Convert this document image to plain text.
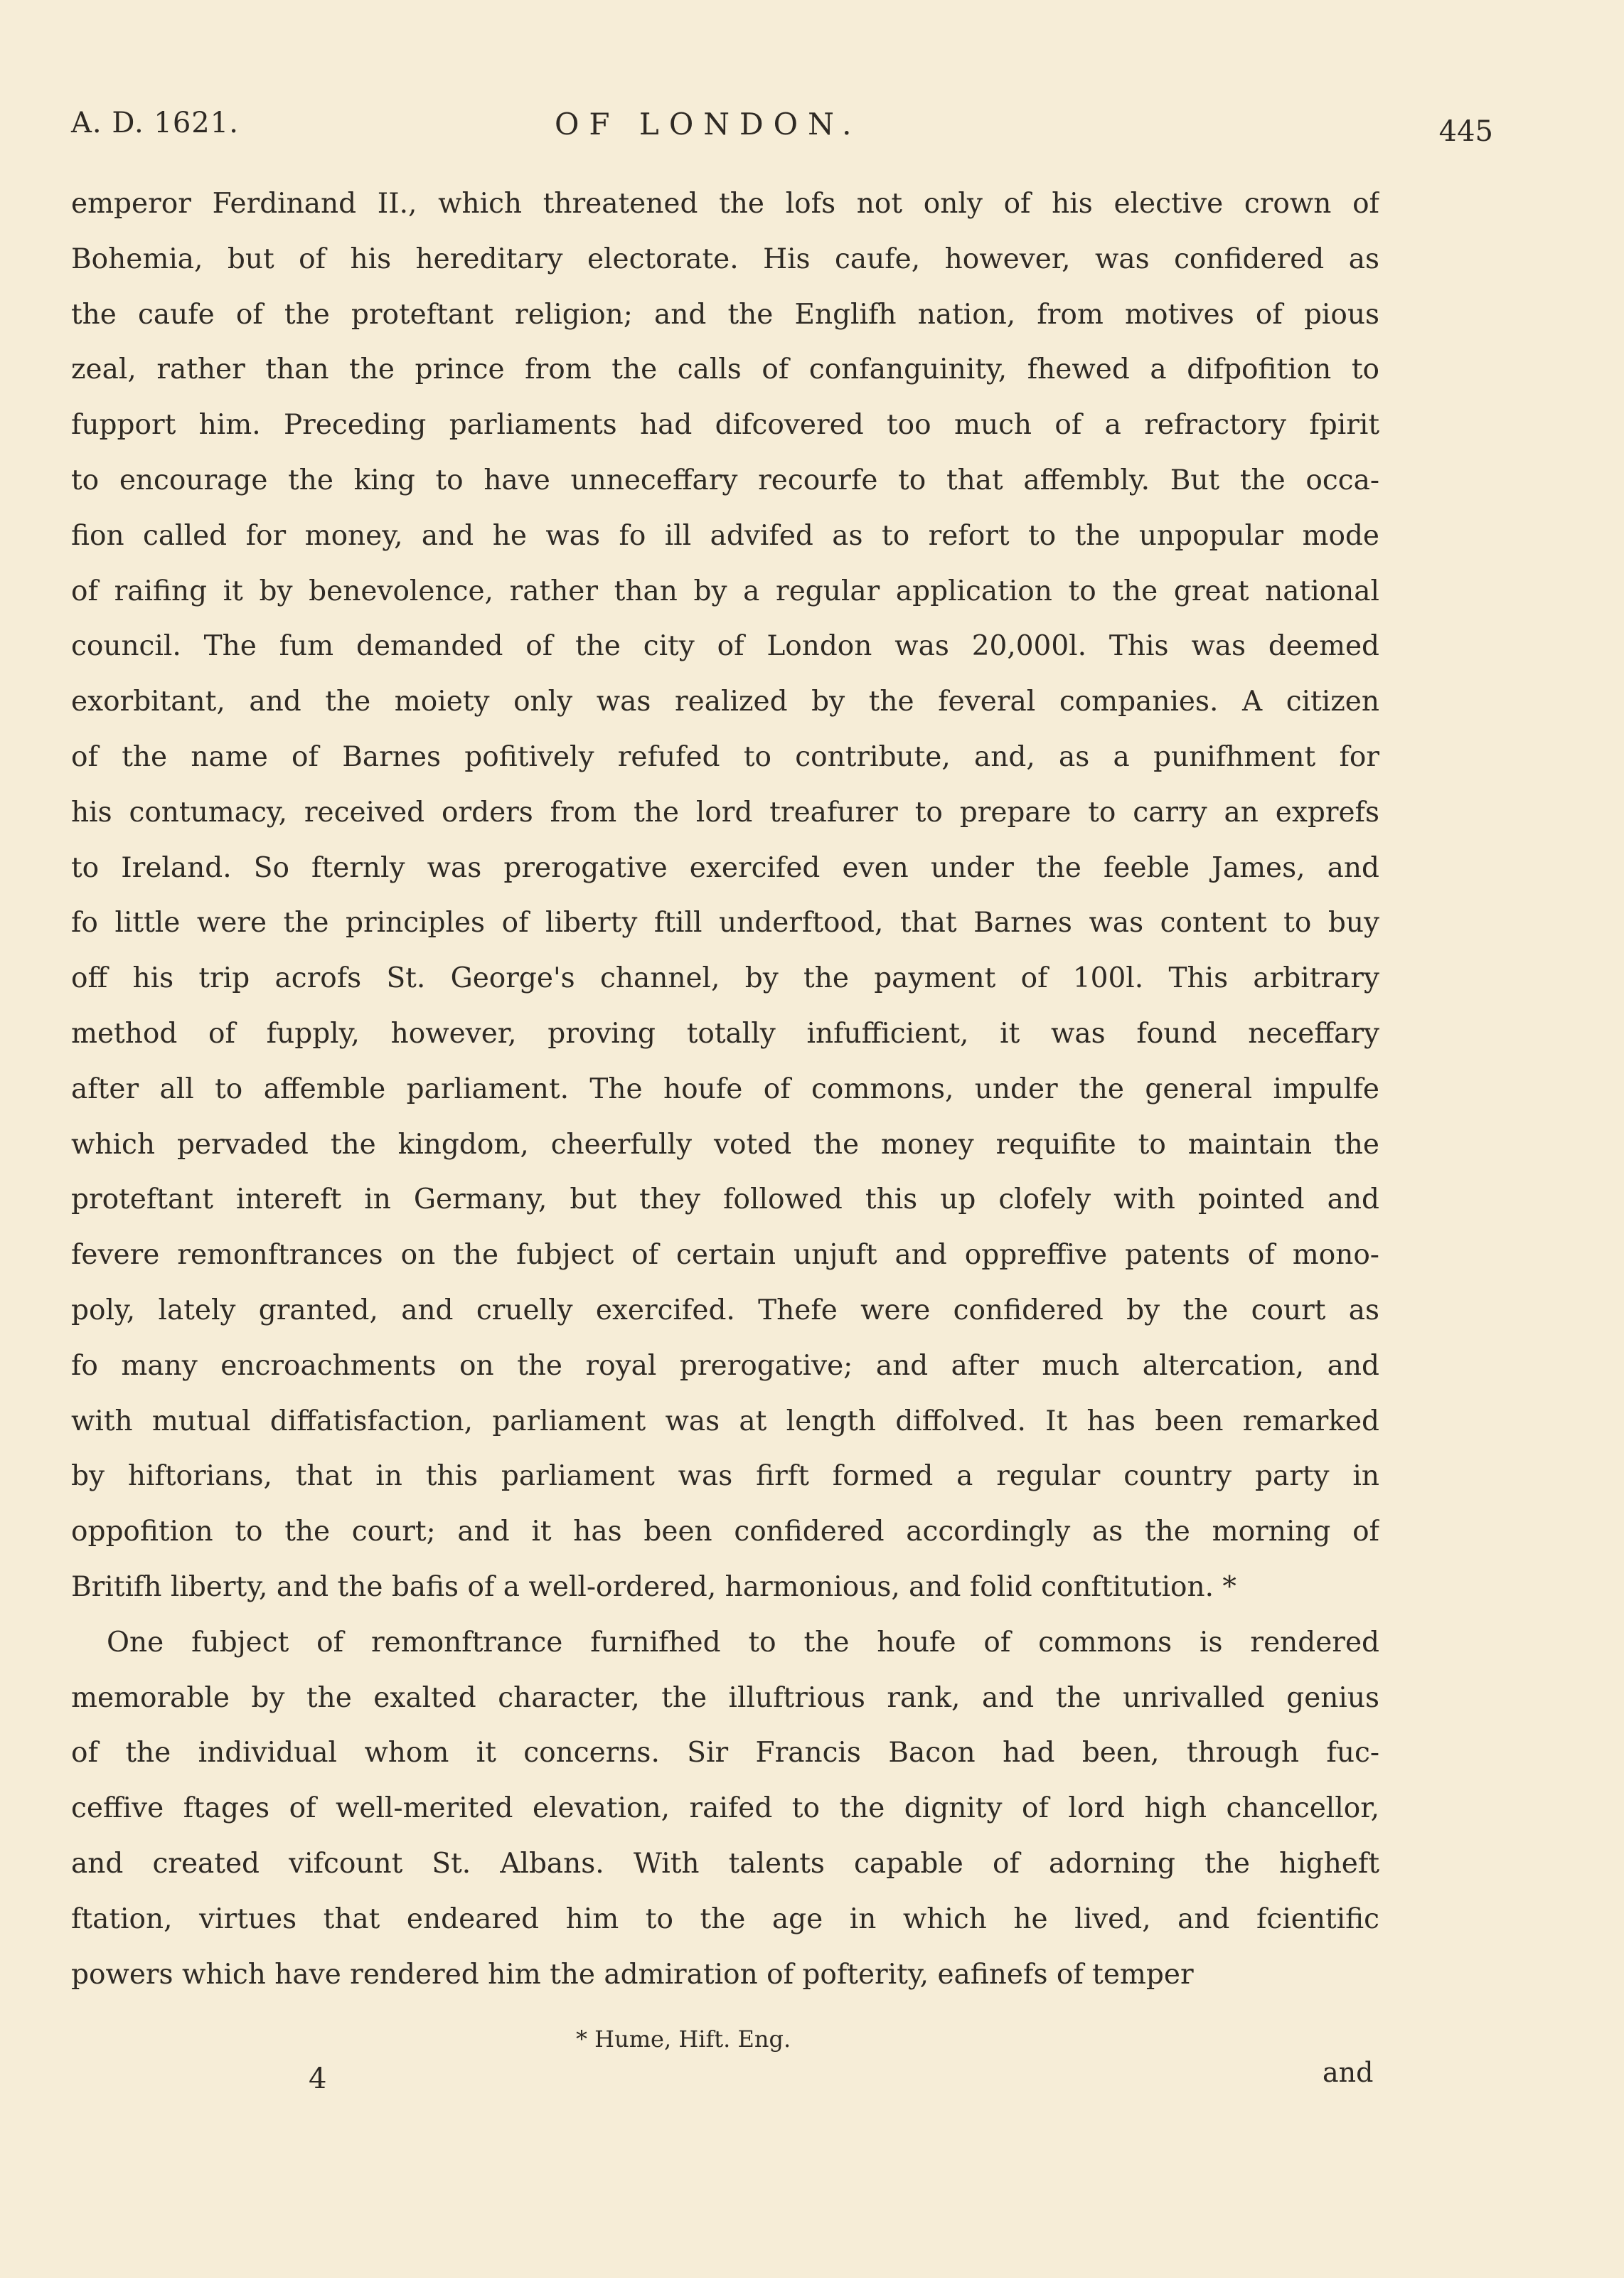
A. D. 1621.	OF LONDON.	445
emperor Ferdinand II., which threatened the lofs not only of his elective crown of
Bohemia, but of his hereditary electorate. His caufe, however, was confidered as
the caufe of the proteftant religion; and the Englifh nation, from motives of pious
zeal, rather than the prince from the calls of confanguinity, fhewed a difpofition to
fupport him. Preceding parliaments had difcovered too much of a refractory fpirit
to encourage the king to have unneceffary recourfe to that affembly. But the occa-
fion called for money, and he was fo ill advifed as to refort to the unpopular mode
of raifing it by benevolence, rather than by a regular application to the great national
council. The fum demanded of the city of London was 20,000l. This was deemed
exorbitant, and the moiety only was realized by the feveral companies. A citizen
of the name of Barnes pofitively refufed to contribute, and, as a punifhment for
his contumacy, received orders from the lord treafurer to prepare to carry an exprefs
to Ireland. So fternly was prerogative exercifed even under the feeble James, and
fo little were the principles of liberty ftill underftood, that Barnes was content to buy
off his trip acrofs St. George's channel, by the payment of 100l. This arbitrary
method of fupply, however, proving totally infufficient, it was found neceffary
after all to affemble parliament. The houfe of commons, under the general impulfe
which pervaded the kingdom, cheerfully voted the money requifite to maintain the
proteftant intereft in Germany, but they followed this up clofely with pointed and
fevere remonftrances on the fubject of certain unjuft and oppreffive patents of mono-
poly, lately granted, and cruelly exercifed. Thefe were confidered by the court as
fo many encroachments on the royal prerogative; and after much altercation, and
with mutual diffatisfaction, parliament was at length diffolved. It has been remarked
by hiftorians, that in this parliament was firft formed a regular country party in
oppofition to the court; and it has been confidered accordingly as the morning of
Britifh liberty, and the bafis of a well-ordered, harmonious, and folid conftitution. *
One fubject of remonftrance furnifhed to the houfe of commons is rendered
memorable by the exalted character, the illuftrious rank, and the unrivalled genius
of the individual whom it concerns. Sir Francis Bacon had been, through fuc-
ceffive ftages of well-merited elevation, raifed to the dignity of lord high chancellor,
and created vifcount St. Albans. With talents capable of adorning the higheft
ftation, virtues that endeared him to the age in which he lived, and fcientific
powers which have rendered him the admiration of pofterity, eafinefs of temper
* Hume, Hift. Eng.
4	and
